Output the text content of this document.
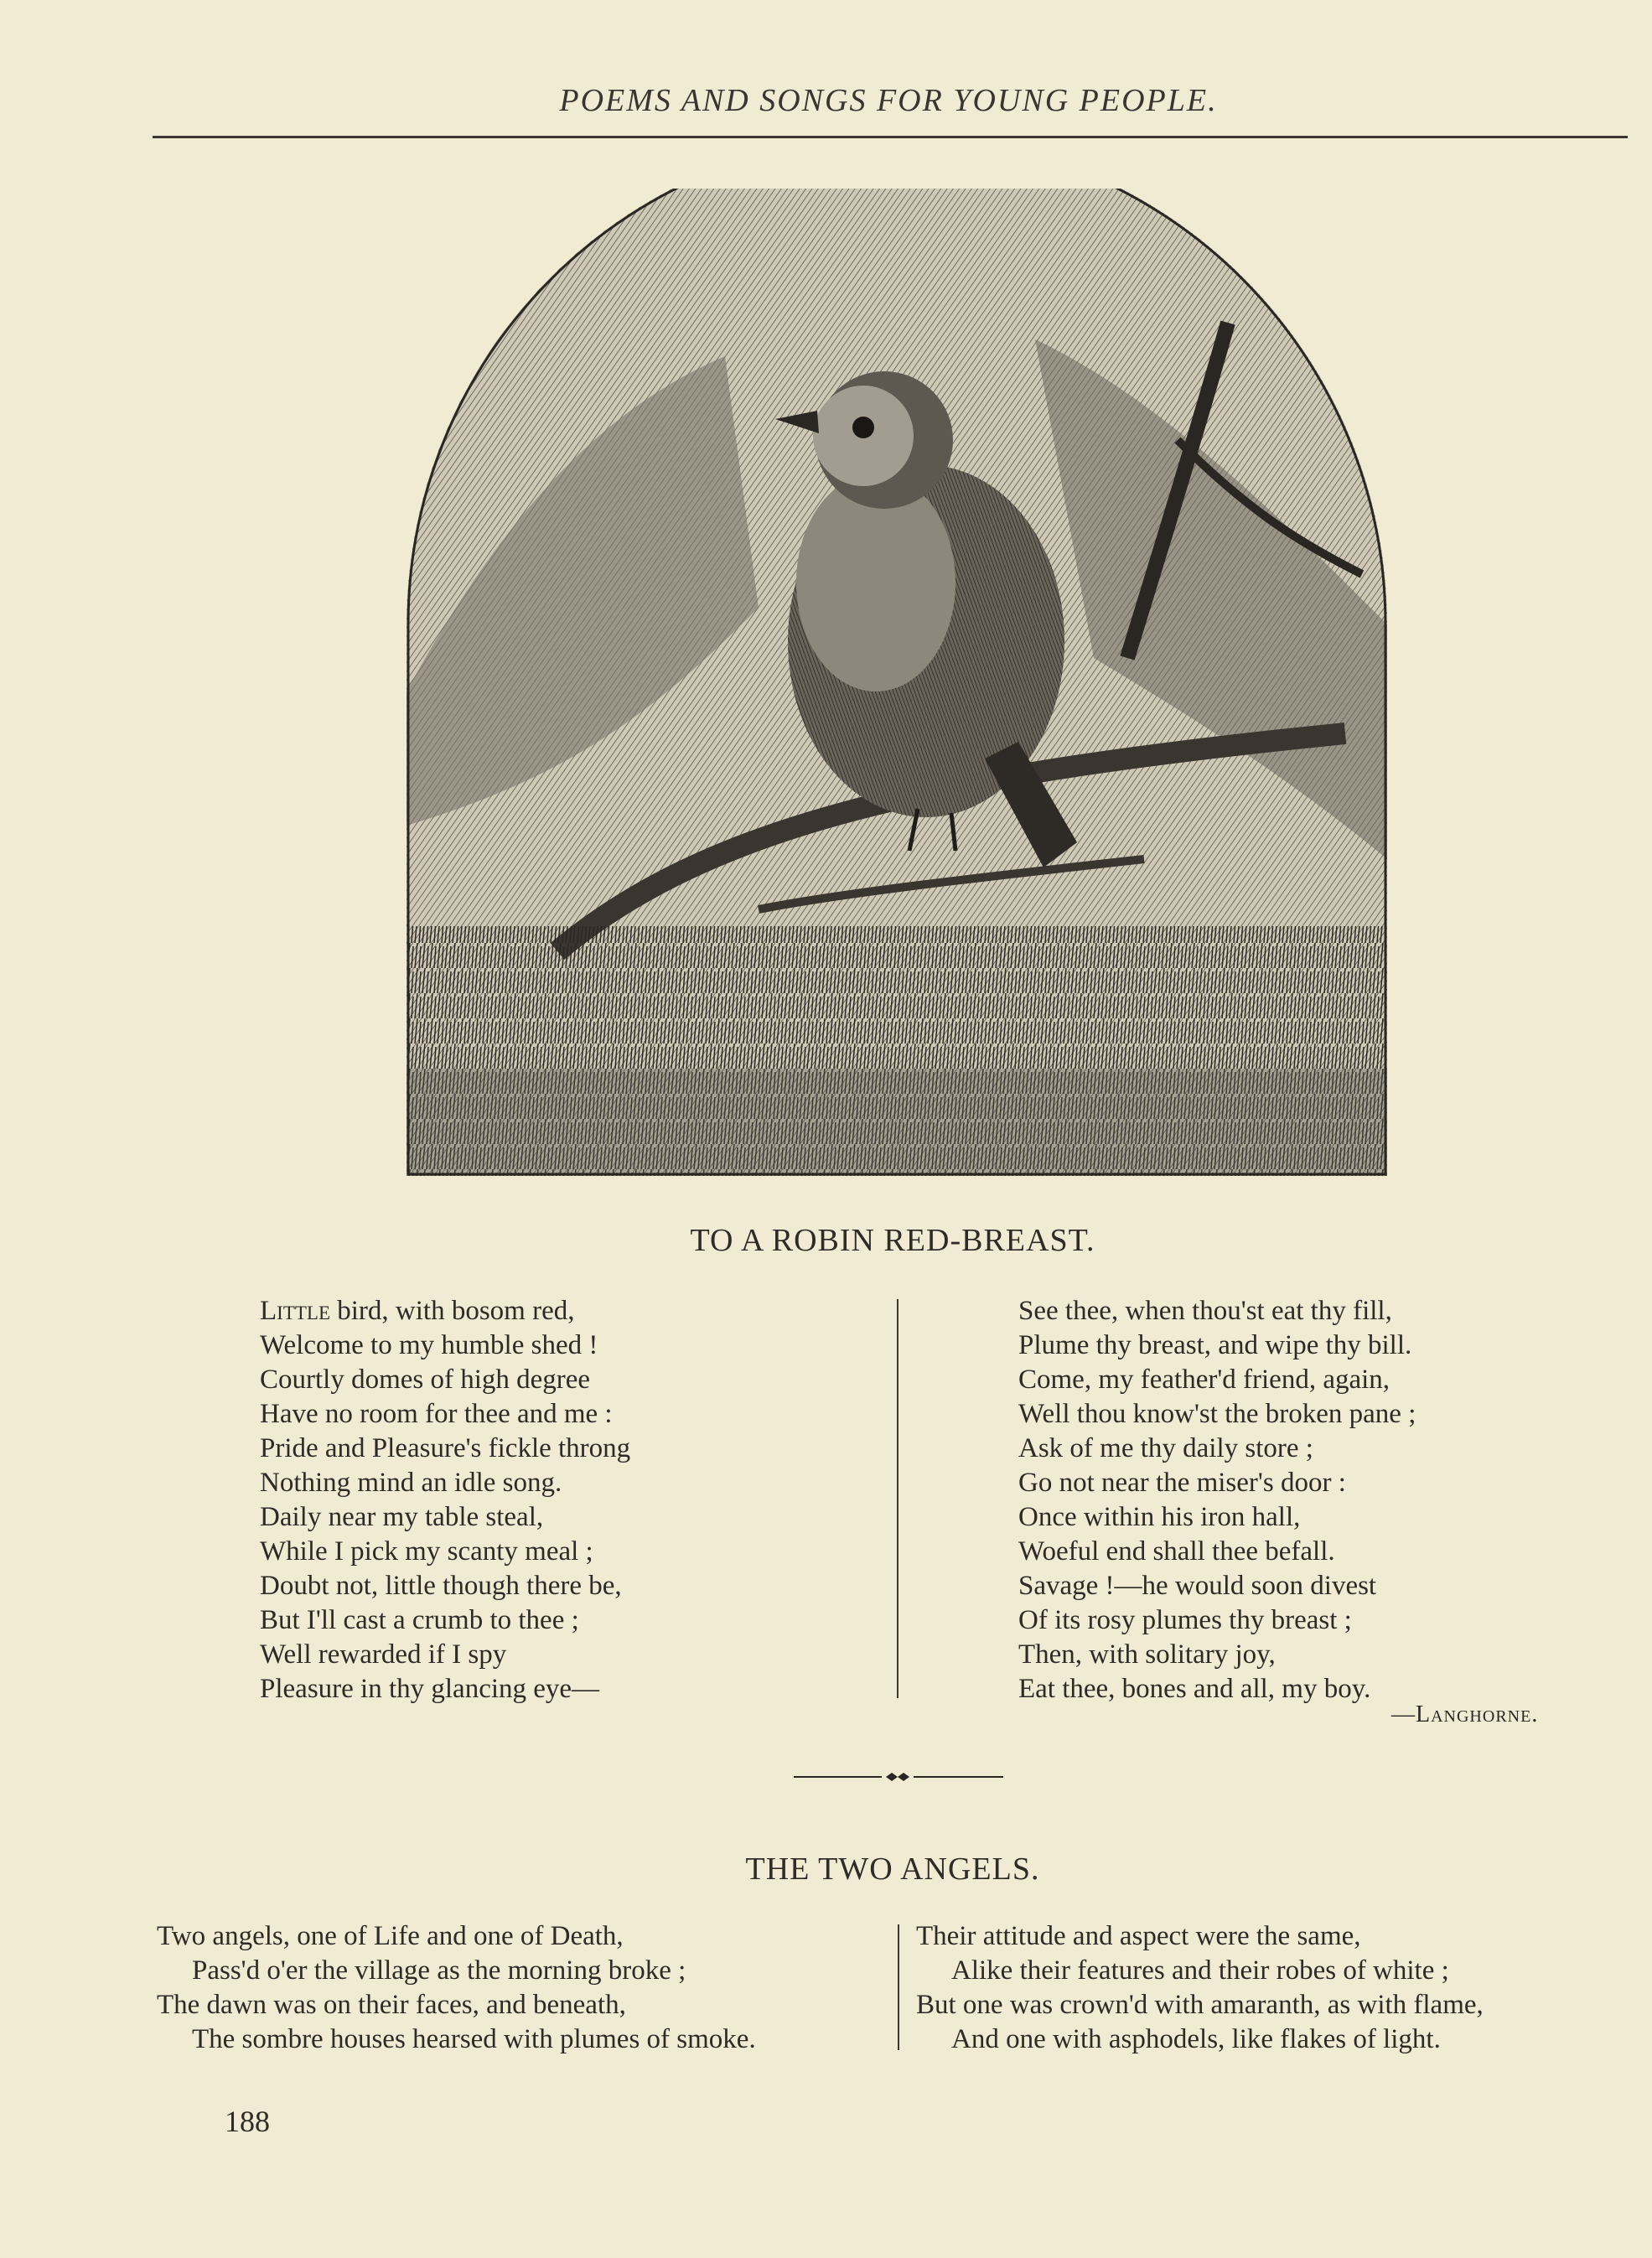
POEMS AND SONGS FOR YOUNG PEOPLE.
TO A ROBIN RED-BREAST.
Little bird, with bosom red,
Welcome to my humble shed !
Courtly domes of high degree
Have no room for thee and me :
Pride and Pleasure's fickle throng
Nothing mind an idle song.
Daily near my table steal,
While I pick my scanty meal ;
Doubt not, little though there be,
But I'll cast a crumb to thee ;
Well rewarded if I spy
Pleasure in thy glancing eye—
See thee, when thou'st eat thy fill,
Plume thy breast, and wipe thy bill.
Come, my feather'd friend, again,
Well thou know'st the broken pane ;
Ask of me thy daily store ;
Go not near the miser's door :
Once within his iron hall,
Woeful end shall thee befall.
Savage !—he would soon divest
Of its rosy plumes thy breast ;
Then, with solitary joy,
Eat thee, bones and all, my boy.
—Langhorne.
THE TWO ANGELS.
Two angels, one of Life and one of Death,
Pass'd o'er the village as the morning broke ;
The dawn was on their faces, and beneath,
The sombre houses hearsed with plumes of smoke.
Their attitude and aspect were the same,
Alike their features and their robes of white ;
But one was crown'd with amaranth, as with flame,
And one with asphodels, like flakes of light.
188
